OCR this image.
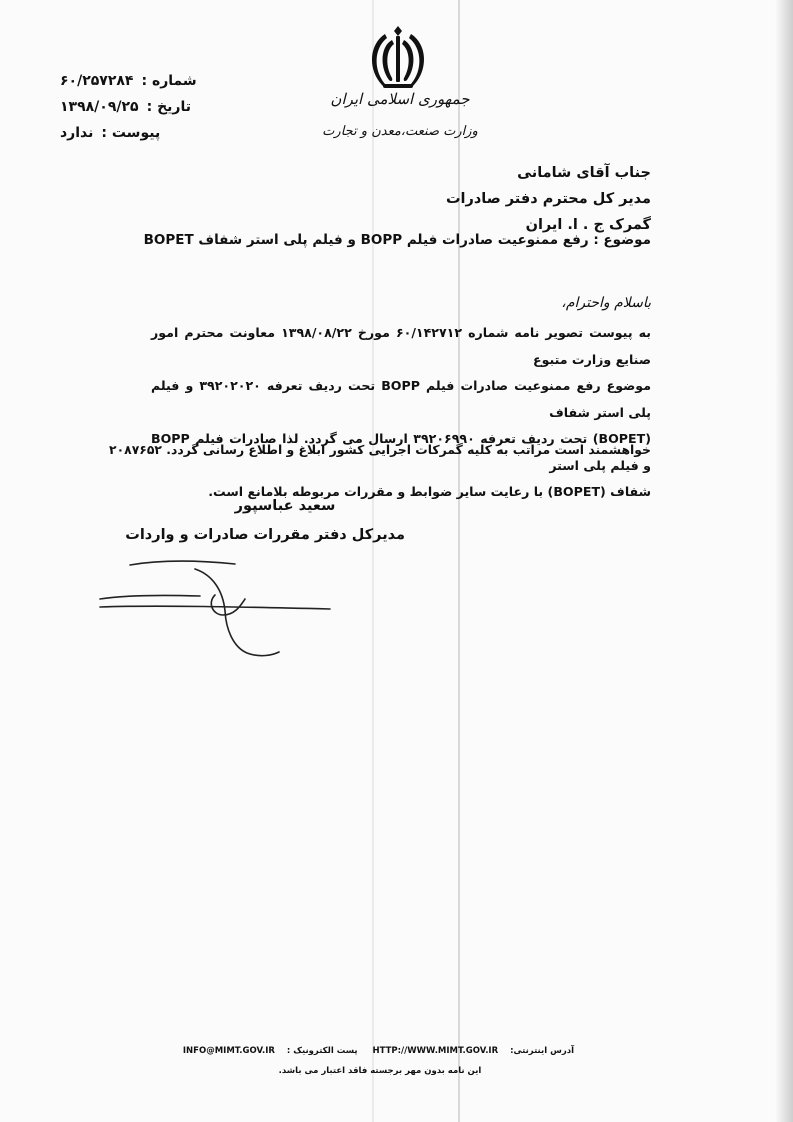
شماره :
۶۰/۲۵۷۲۸۴
تاریخ :
۱۳۹۸/۰۹/۲۵
پیوست :
ندارد
جمهوری اسلامی ایران
وزارت صنعت،معدن و تجارت
جناب آقای شامانی
مدیر کل محترم دفتر صادرات
گمرک ج . ا. ایران
موضوع : رفع ممنوعیت صادرات فیلم BOPP و فیلم پلی استر شفاف BOPET
باسلام واحترام،

به پیوست تصویر نامه شماره ۶۰/۱۴۲۷۱۲ مورخ ۱۳۹۸/۰۸/۲۲ معاونت محترم امور صنایع وزارت متبوع

موضوع رفع ممنوعیت صادرات فیلم BOPP تحت ردیف تعرفه ۳۹۲۰۲۰۲۰ و فیلم پلی استر شفاف

(BOPET) تحت ردیف تعرفه ۳۹۲۰۶۹۹۰ ارسال می گردد. لذا صادرات فیلم BOPP و فیلم پلی استر

شفاف (BOPET) با رعایت سایر ضوابط و مقررات مربوطه بلامانع است.

خواهشمند است مراتب به کلیه گمرکات اجرایی کشور ابلاغ و اطلاع رسانی گردد. ۲۰۸۷۶۵۲
سعید عباسپور
مدیرکل دفتر مقررات صادرات و واردات
آدرس اینترنتی:HTTP://WWW.MIMT.GOV.IR پست الکترونیک :INFO@MIMT.GOV.IR
این نامه بدون مهر برجسته فاقد اعتبار می باشد.
